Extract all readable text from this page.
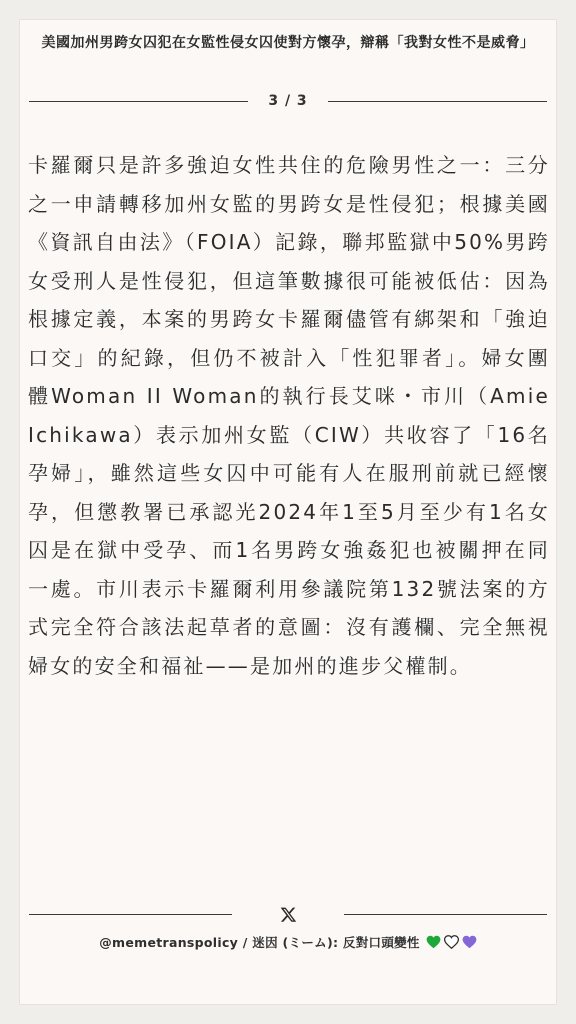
美國加州男跨女囚犯在女監性侵女囚使對方懷孕，辯稱「我對女性不是威脅」
3 / 3
卡羅爾只是許多強迫女性共住的危險男性之一：三分之一申請轉移加州女監的男跨女是性侵犯；根據美國《資訊自由法》（FOIA）記錄，聯邦監獄中50%男跨女受刑人是性侵犯，但這筆數據很可能被低估：因為根據定義，本案的男跨女卡羅爾儘管有綁架和「強迫口交」的紀錄，但仍不被計入「性犯罪者」。婦女團體Woman II Woman的執行長艾咪・市川（Amie Ichikawa）表示加州女監（CIW）共收容了「16名孕婦」，雖然這些女囚中可能有人在服刑前就已經懷孕，但懲教署已承認光2024年1至5月至少有1名女囚是在獄中受孕、而1名男跨女強姦犯也被關押在同一處。市川表示卡羅爾利用參議院第132號法案的方式完全符合該法起草者的意圖：沒有護欄、完全無視婦女的安全和福祉——是加州的進步父權制。
@memetranspolicy / 迷因 (ミーム): 反對口頭變性
